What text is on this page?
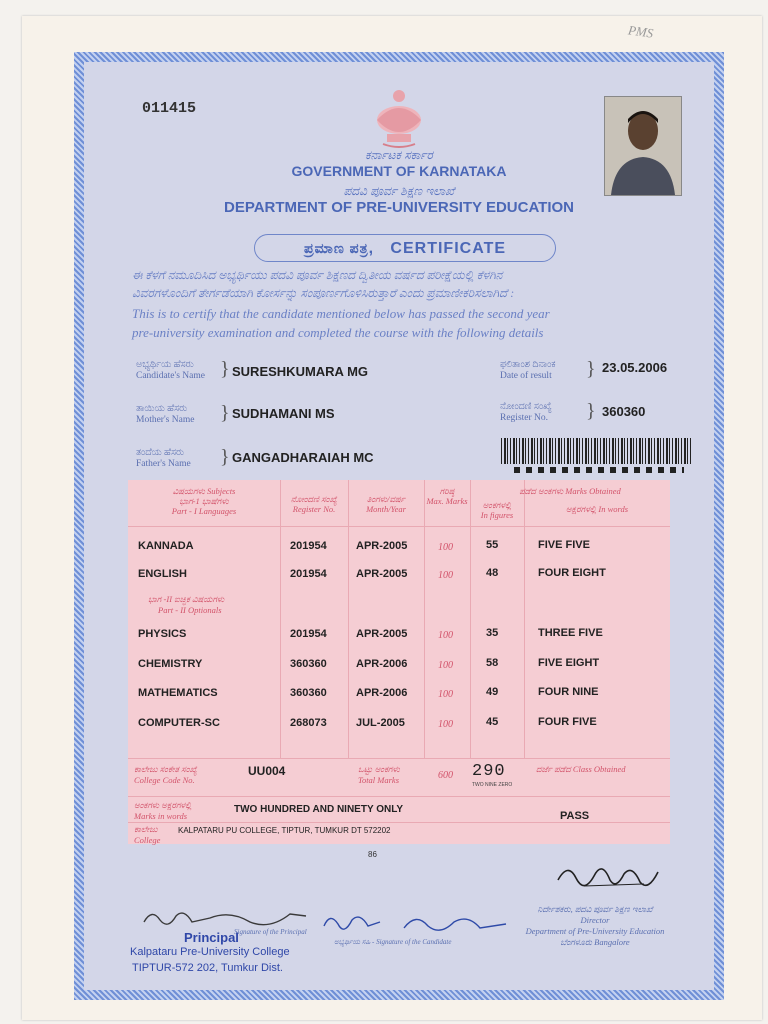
PMS
011415
ಕರ್ನಾಟಕ ಸರ್ಕಾರ
GOVERNMENT OF KARNATAKA
ಪದವಿ ಪೂರ್ವ ಶಿಕ್ಷಣ ಇಲಾಖೆ
DEPARTMENT OF PRE-UNIVERSITY EDUCATION
ಪ್ರಮಾಣ ಪತ್ರ,   CERTIFICATE
ಈ ಕೆಳಗೆ ನಮೂದಿಸಿದ ಅಭ್ಯರ್ಥಿಯು ಪದವಿ ಪೂರ್ವ ಶಿಕ್ಷಣದ ದ್ವಿತೀಯ ವರ್ಷದ ಪರೀಕ್ಷೆಯಲ್ಲಿ ಕೆಳಗಿನ
ವಿವರಗಳೊಂದಿಗೆ ತೇರ್ಗಡೆಯಾಗಿ ಕೋರ್ಸನ್ನು ಸಂಪೂರ್ಣಗೊಳಿಸಿರುತ್ತಾರೆ ಎಂದು ಪ್ರಮಾಣೀಕರಿಸಲಾಗಿದೆ :
This is to certify that the candidate mentioned below has passed the second year
pre-university examination and completed the course with the following details
ಅಭ್ಯರ್ಥಿಯ ಹೆಸರು
Candidate's Name } SURESHKUMARA MG
ತಾಯಿಯ ಹೆಸರು
Mother's Name } SUDHAMANI MS
ತಂದೆಯ ಹೆಸರು
Father's Name } GANGADHARAIAH MC
ಫಲಿತಾಂಶ ದಿನಾಂಕ
Date of result } 23.05.2006
ನೋಂದಣಿ ಸಂಖ್ಯೆ
Register No. } 360360
ವಿಷಯಗಳು Subjects
ಭಾಗ-1 ಭಾಷೆಗಳು
Part - I Languages
ನೋಂದಣಿ ಸಂಖ್ಯೆ
Register No.
ತಿಂಗಳು/ವರ್ಷ
Month/Year
ಗರಿಷ್ಠ
Max. Marks
ಪಡೆದ ಅಂಕಗಳು Marks Obtained
ಅಂಕಗಳಲ್ಲಿ
In figures
ಅಕ್ಷರಗಳಲ್ಲಿ In words
KANNADA	201954	APR-2005	100	55	FIVE FIVE
ENGLISH	201954	APR-2005	100	48	FOUR EIGHT
ಭಾಗ -II ಐಚ್ಛಿಕ ವಿಷಯಗಳು
Part - II Optionals
PHYSICS	201954	APR-2005	100	35	THREE FIVE
CHEMISTRY	360360	APR-2006	100	58	FIVE EIGHT
MATHEMATICS	360360	APR-2006	100	49	FOUR NINE
COMPUTER-SC	268073	JUL-2005	100	45	FOUR FIVE
ಕಾಲೇಜು ಸಂಕೇತ ಸಂಖ್ಯೆ
College Code No.
UU004	ಒಟ್ಟು ಅಂಕಗಳು
Total Marks	600 290
TWO NINE ZERO
ದರ್ಜೆ ಪಡೆದ Class Obtained
ಅಂಕಗಳು ಅಕ್ಷರಗಳಲ್ಲಿ
Marks in words
TWO HUNDRED AND NINETY ONLY
PASS
ಕಾಲೇಜು
College
KALPATARU PU COLLEGE, TIPTUR, TUMKUR DT 572202
86
ನಿರ್ದೇಶಕರು, ಪದವಿ ಪೂರ್ವ ಶಿಕ್ಷಣ ಇಲಾಖೆ
Director
Department of Pre-University Education
ಬೆಂಗಳೂರು Bangalore
Signature of the Principal
ಅಭ್ಯರ್ಥಿಯ ಸಹಿ - Signature of the Candidate
Principal
Kalpataru Pre-University College
TIPTUR-572 202, Tumkur Dist.
